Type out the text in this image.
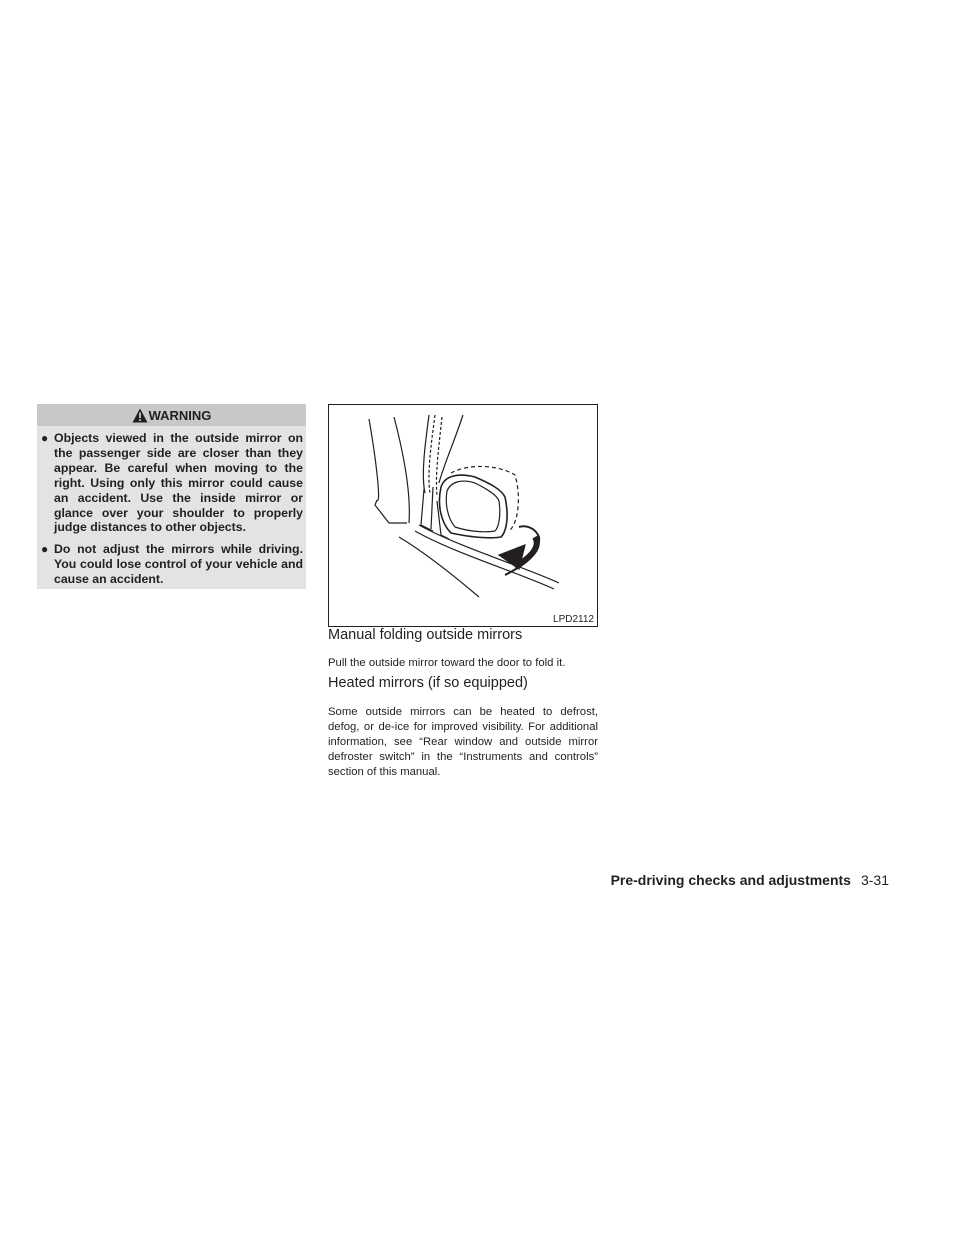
WARNING
● Objects viewed in the outside mirror on the passenger side are closer than they appear. Be careful when moving to the right. Using only this mirror could cause an accident. Use the inside mirror or glance over your shoulder to properly judge distances to other objects.
● Do not adjust the mirrors while driving. You could lose control of your vehicle and cause an accident.
LPD2112
Manual folding outside mirrors

Pull the outside mirror toward the door to fold it.

Heated mirrors (if so equipped)

Some outside mirrors can be heated to defrost, defog, or de-ice for improved visibility. For additional information, see “Rear window and outside mirror defroster switch” in the “Instruments and controls” section of this manual.

Pre-driving checks and adjustments 3-31
